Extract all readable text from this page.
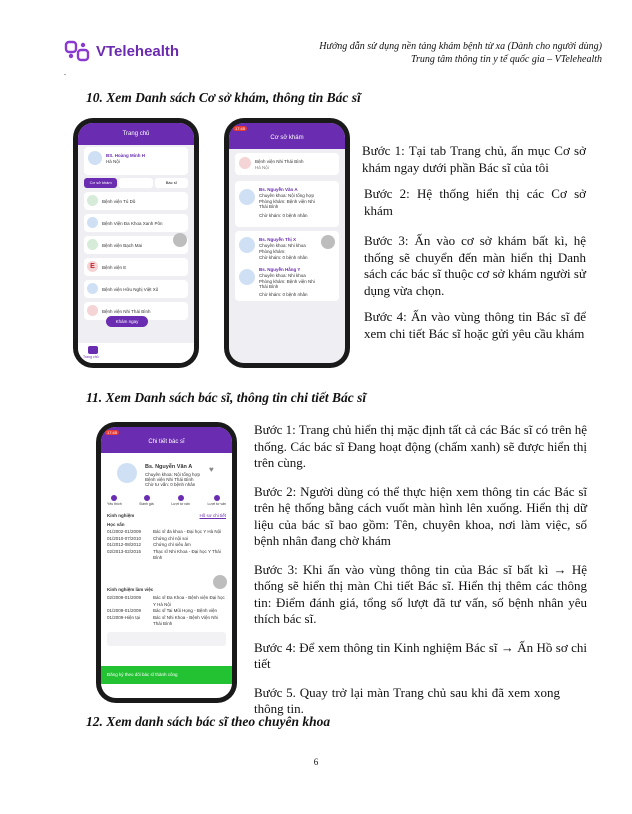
VTelehealth	Hướng dẫn sử dụng nền tảng khám bệnh từ xa (Dành cho người dùng)
Trung tâm thông tin y tế quốc gia – VTelehealth
.
10. Xem Danh sách Cơ sở khám, thông tin Bác sĩ
Trang chủ
BS. Hoàng Minh H
Hà Nội
Cơ sở khám	Bác sĩ
Bệnh viện Tú Dũ
Bệnh Viện Đa Khoa Xanh Pôn
Bệnh viện Bạch Mai
E	Bệnh viện E
Bệnh viện Hữu Nghị Việt Xô
Bệnh viện Nhi Thái Bình
Khám ngay
Trang chủ
Cơ sở khám
17:45
Bệnh viện Nhi Thái Bình
Hà Nội
Bs. Nguyễn Văn A
Chuyên khoa: Nội tổng hợp
Phòng khám: Bệnh viện Nhi Thái Bình
Chờ khám: 0 bệnh nhân
Bs. Nguyễn Thị X
Chuyên khoa: Nhi khoa
Phòng khám:
Chờ khám: 0 bệnh nhân
Bs. Nguyễn Hằng Y
Chuyên khoa: Nhi khoa
Phòng khám: Bệnh viện Nhi Thái Bình
Chờ khám: 0 bệnh nhân
Bước 1: Tại tab Trang chủ, ấn mục Cơ sở khám ngay dưới phần Bác sĩ của tôi
Bước 2: Hệ thống hiển thị các Cơ sở khám
Bước 3: Ấn vào cơ sở khám bất kì, hệ thống sẽ chuyển đến màn hiển thị Danh sách các bác sĩ thuộc cơ sở khám người sử dụng vừa chọn.
Bước 4: Ấn vào vùng thông tin Bác sĩ để xem chi tiết Bác sĩ hoặc gửi yêu cầu khám
11. Xem Danh sách bác sĩ, thông tin chi tiết Bác sĩ
Chi tiết bác sĩ
17:45
Bs. Nguyễn Văn A
Chuyên khoa: Nội tổng hợp
Bệnh viện Nhi Thái Bình
Chờ tư vấn: 0 bệnh nhân
♥
Yêu thích	Đánh giá	Lượt tư vấn	Lượt tư vấn
Kinh nghiệm	Hồ sơ chi tiết
Học vấn
01/2002-01/2009	Bác sĩ đa khoa - Đại học Y Hà Nội
01/2010-07/2010	Chứng chỉ nội soi
01/2012-08/2012	Chứng chỉ siêu âm
02/2013-02/2015	Thạc sĩ Nhi Khoa - Đại học Y Thái Bình
Kinh nghiệm làm việc
02/2009-01/2009	Bác sĩ Đa Khoa - Bệnh viện Đại học Y Hà Nội
01/2009-01/2009	Bác sĩ Tai Mũi Họng - Bệnh viện
01/2009-Hiện tại	Bác sĩ Nhi Khoa - Bệnh Viện Nhi Thái Bình
Đăng ký theo dõi bác sĩ thành công
Bước 1: Trang chủ hiển thị mặc định tất cả các Bác sĩ có trên hệ thống. Các bác sĩ Đang hoạt động (chấm xanh) sẽ được hiển thị trên cùng.
Bước 2: Người dùng có thể thực hiện xem thông tin các Bác sĩ trên hệ thống bằng cách vuốt màn hình lên xuống. Hiển thị dữ liệu của bác sĩ bao gồm: Tên, chuyên khoa, nơi làm việc, số bệnh nhân đang chờ khám
Bước 3: Khi ấn vào vùng thông tin của Bác sĩ bất kì → Hệ thống sẽ hiển thị màn Chi tiết Bác sĩ. Hiển thị thêm các thông tin: Điểm đánh giá, tổng số lượt đã tư vấn, số bệnh nhân yêu thích bác sĩ.
Bước 4: Để xem thông tin Kinh nghiệm Bác sĩ → Ấn Hồ sơ chi tiết
Bước 5. Quay trở lại màn Trang chủ sau khi đã xem xong thông tin.
12. Xem danh sách bác sĩ theo chuyên khoa
6
